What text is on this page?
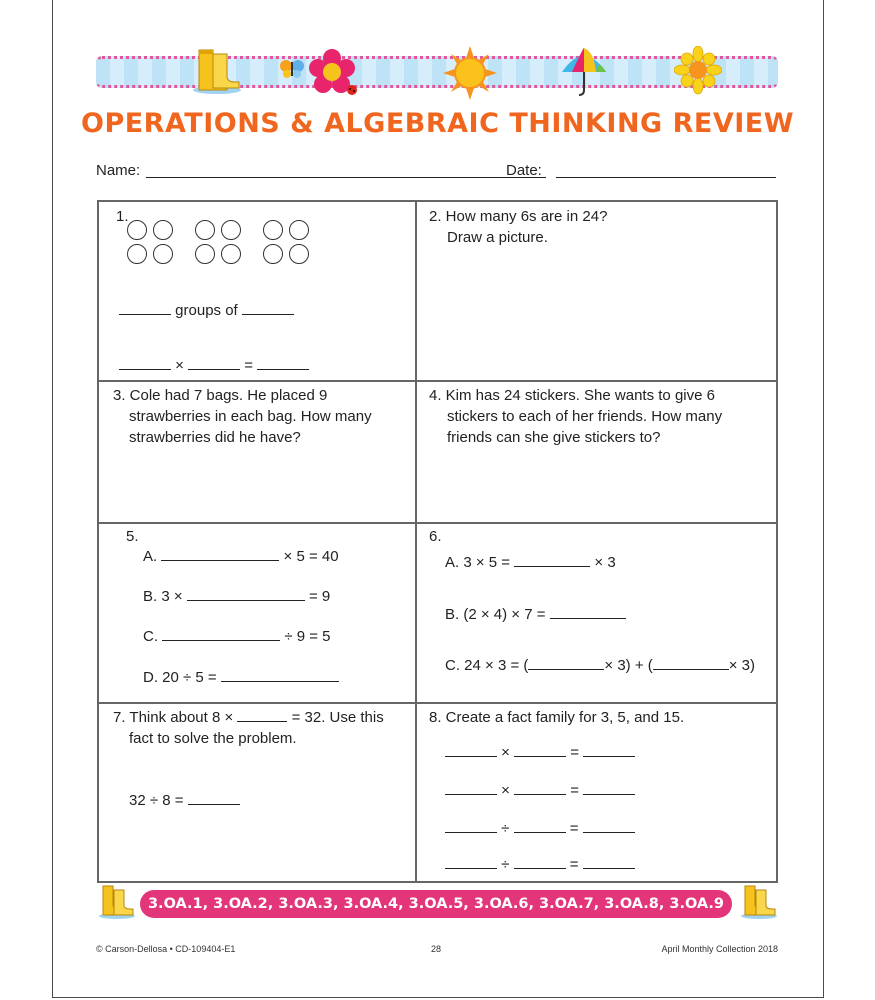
OPERATIONS & ALGEBRAIC THINKING REVIEW
Name:	Date:
1.
groups of
×	=
2. How many 6s are in 24?
Draw a picture.
3. Cole had 7 bags. He placed 9
strawberries in each bag. How many
strawberries did he have?
4. Kim has 24 stickers. She wants to give 6
stickers to each of her friends. How many
friends can she give stickers to?
5.
A.	× 5 = 40
B. 3 ×	= 9
C.	÷ 9 = 5
D. 20 ÷ 5 =
6.
A. 3 × 5 =	× 3
B. (2 × 4) × 7 =
C. 24 × 3 = (	× 3) + (	× 3)
7. Think about 8 ×	= 32. Use this
fact to solve the problem.
32 ÷ 8 =
8. Create a fact family for 3, 5, and 15.
×	=
×	=
÷	=
÷	=
3.OA.1, 3.OA.2, 3.OA.3, 3.OA.4, 3.OA.5, 3.OA.6, 3.OA.7, 3.OA.8, 3.OA.9
© Carson-Dellosa • CD-109404-E1	28	April Monthly Collection 2018
